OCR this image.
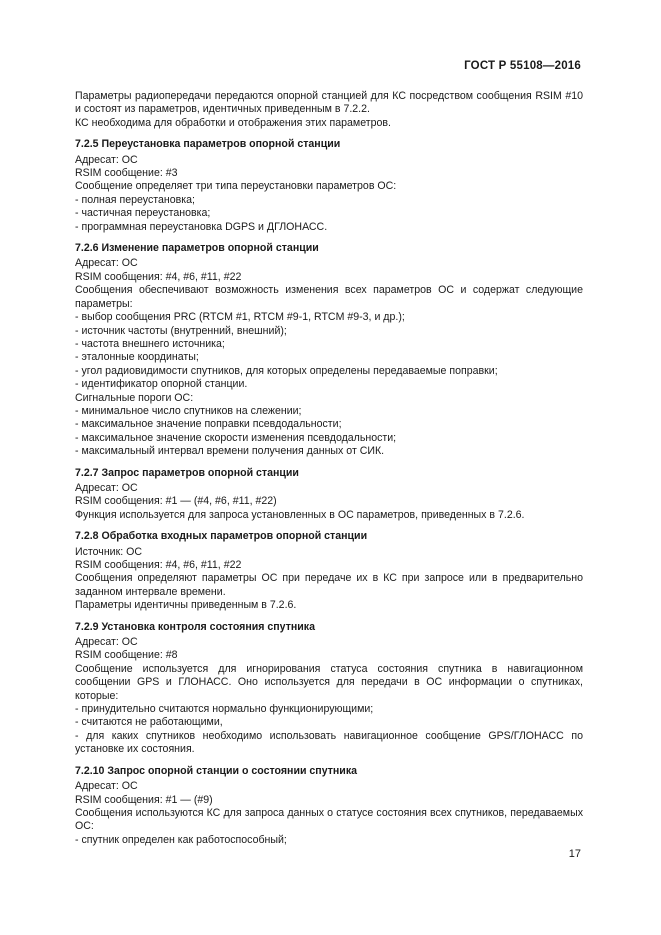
ГОСТ Р 55108—2016

Параметры радиопередачи передаются опорной станцией для КС посредством сообщения RSIM #10 и состоят из параметров, идентичных приведенным в 7.2.2.

КС необходима для обработки и отображения этих параметров.

7.2.5 Переустановка параметров опорной станции

Адресат: ОС

RSIM сообщение: #3

Сообщение определяет три типа переустановки параметров ОС:

- полная переустановка;

- частичная переустановка;

- программная переустановка DGPS и ДГЛОНАСС.

7.2.6 Изменение параметров опорной станции

Адресат: ОС

RSIM сообщения: #4, #6, #11, #22

Сообщения обеспечивают возможность изменения всех параметров ОС и содержат следующие параметры:

- выбор сообщения PRC (RTCM #1, RTCM #9-1, RTCM #9-3, и др.);

- источник частоты (внутренний, внешний);

- частота внешнего источника;

- эталонные координаты;

- угол радиовидимости спутников, для которых определены передаваемые поправки;

- идентификатор опорной станции.

Сигнальные пороги ОС:

- минимальное число спутников на слежении;

- максимальное значение поправки псевдодальности;

- максимальное значение скорости изменения псевдодальности;

- максимальный интервал времени получения данных от СИК.

7.2.7 Запрос параметров опорной станции

Адресат: ОС

RSIM сообщения: #1 — (#4, #6, #11, #22)

Функция используется для запроса установленных в ОС параметров, приведенных в 7.2.6.

7.2.8 Обработка входных параметров опорной станции

Источник: ОС

RSIM сообщения: #4, #6, #11, #22

Сообщения определяют параметры ОС при передаче их в КС при запросе или в предварительно заданном интервале времени.

Параметры идентичны приведенным в 7.2.6.

7.2.9 Установка контроля состояния спутника

Адресат: ОС

RSIM сообщение: #8

Сообщение используется для игнорирования статуса состояния спутника в навигационном сообщении GPS и ГЛОНАСС. Оно используется для передачи в ОС информации о спутниках, которые:

- принудительно считаются нормально функционирующими;

- считаются не работающими,

- для каких спутников необходимо использовать навигационное сообщение GPS/ГЛОНАСС по установке их состояния.

7.2.10 Запрос опорной станции о состоянии спутника

Адресат: ОС

RSIM сообщения: #1 — (#9)

Сообщения используются КС для запроса данных о статусе состояния всех спутников, передаваемых ОС:

- спутник определен как работоспособный;

17
